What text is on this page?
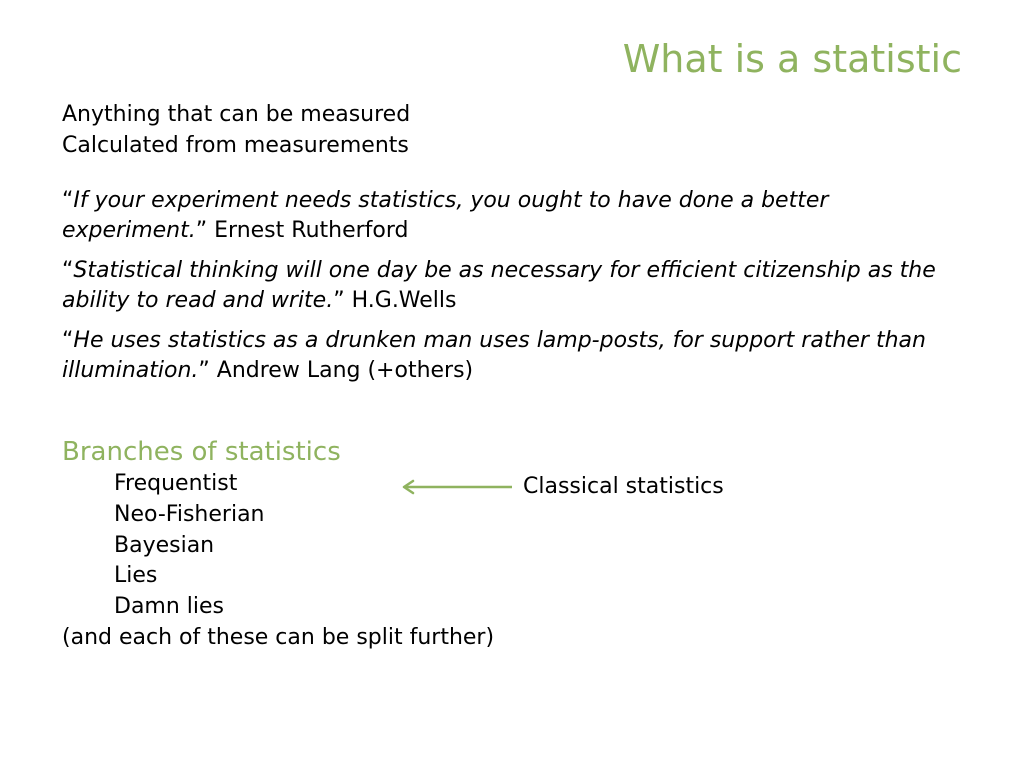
What is a statistic
Anything that can be measured
Calculated from measurements
“If your experiment needs statistics, you ought to have done a better experiment.” Ernest Rutherford
“Statistical thinking will one day be as necessary for efficient citizenship as the ability to read and write.” H.G.Wells
“He uses statistics as a drunken man uses lamp-posts, for support rather than illumination.” Andrew Lang (+others)
Branches of statistics
Frequentist
Neo-Fisherian
Bayesian
Lies
Damn lies
(and each of these can be split further)
Classical statistics
